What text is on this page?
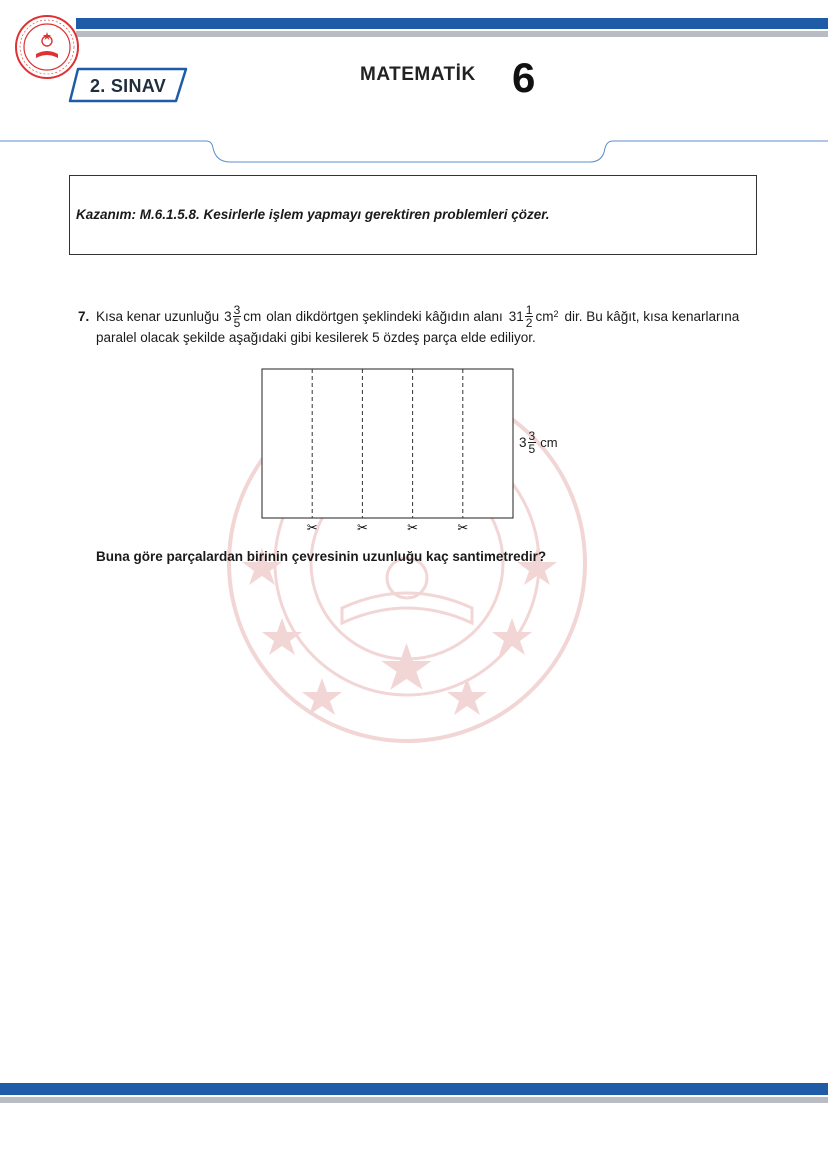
2. SINAV
MATEMATİK 6
Kazanım: M.6.1.5.8. Kesirlerle işlem yapmayı gerektiren problemleri çözer.
7. Kısa kenar uzunluğu $3 \frac{3}{5}$ cm olan dikdörtgen şeklindeki kâğıdın alanı $31 \frac{1}{2}$ cm 2 dir. Bu kâğıt, kısa kenarlarına
paralel olacak şekilde aşağıdaki gibi kesilerek 5 özdeş parça elde ediliyor.
✂	✂	✂	✂
$3 \frac{3}{5}$ cm
Buna göre parçalardan birinin çevresinin uzunluğu kaç santimetredir?
